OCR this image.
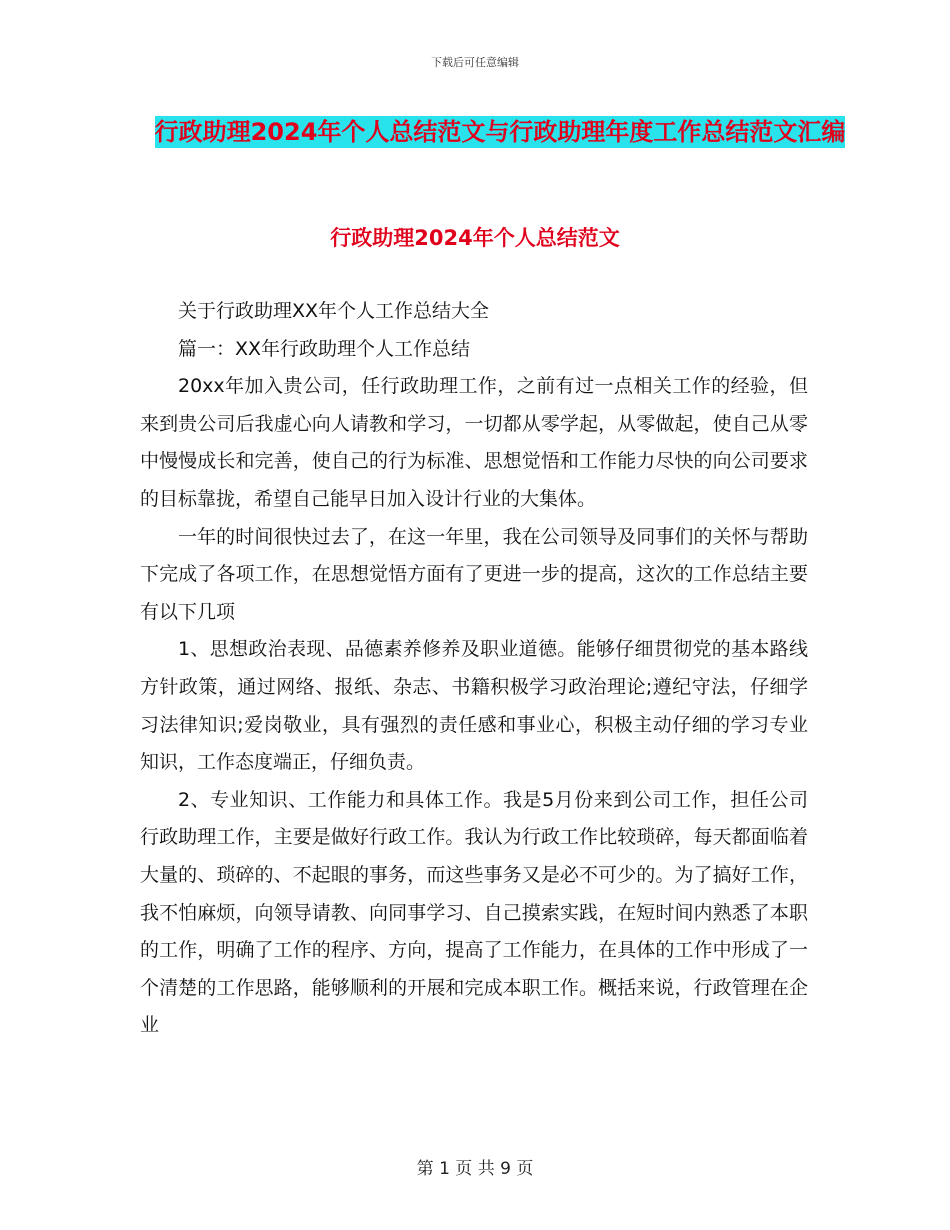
下载后可任意编辑
行政助理2024年个人总结范文与行政助理年度工作总结范文汇编
行政助理2024年个人总结范文

关于行政助理XX年个人工作总结大全

篇一：XX年行政助理个人工作总结

20xx年加入贵公司，任行政助理工作，之前有过一点相关工作的经验，但来到贵公司后我虚心向人请教和学习，一切都从零学起，从零做起，使自己从零中慢慢成长和完善，使自己的行为标准、思想觉悟和工作能力尽快的向公司要求的目标靠拢，希望自己能早日加入设计行业的大集体。

一年的时间很快过去了，在这一年里，我在公司领导及同事们的关怀与帮助下完成了各项工作，在思想觉悟方面有了更进一步的提高，这次的工作总结主要有以下几项

1、思想政治表现、品德素养修养及职业道德。能够仔细贯彻党的基本路线方针政策，通过网络、报纸、杂志、书籍积极学习政治理论;遵纪守法，仔细学习法律知识;爱岗敬业，具有强烈的责任感和事业心，积极主动仔细的学习专业知识，工作态度端正，仔细负责。

2、专业知识、工作能力和具体工作。我是5月份来到公司工作，担任公司行政助理工作，主要是做好行政工作。我认为行政工作比较琐碎，每天都面临着大量的、琐碎的、不起眼的事务，而这些事务又是必不可少的。为了搞好工作，我不怕麻烦，向领导请教、向同事学习、自己摸索实践，在短时间内熟悉了本职的工作，明确了工作的程序、方向，提高了工作能力，在具体的工作中形成了一个清楚的工作思路，能够顺利的开展和完成本职工作。概括来说，行政管理在企业

第 1 页 共 9 页
